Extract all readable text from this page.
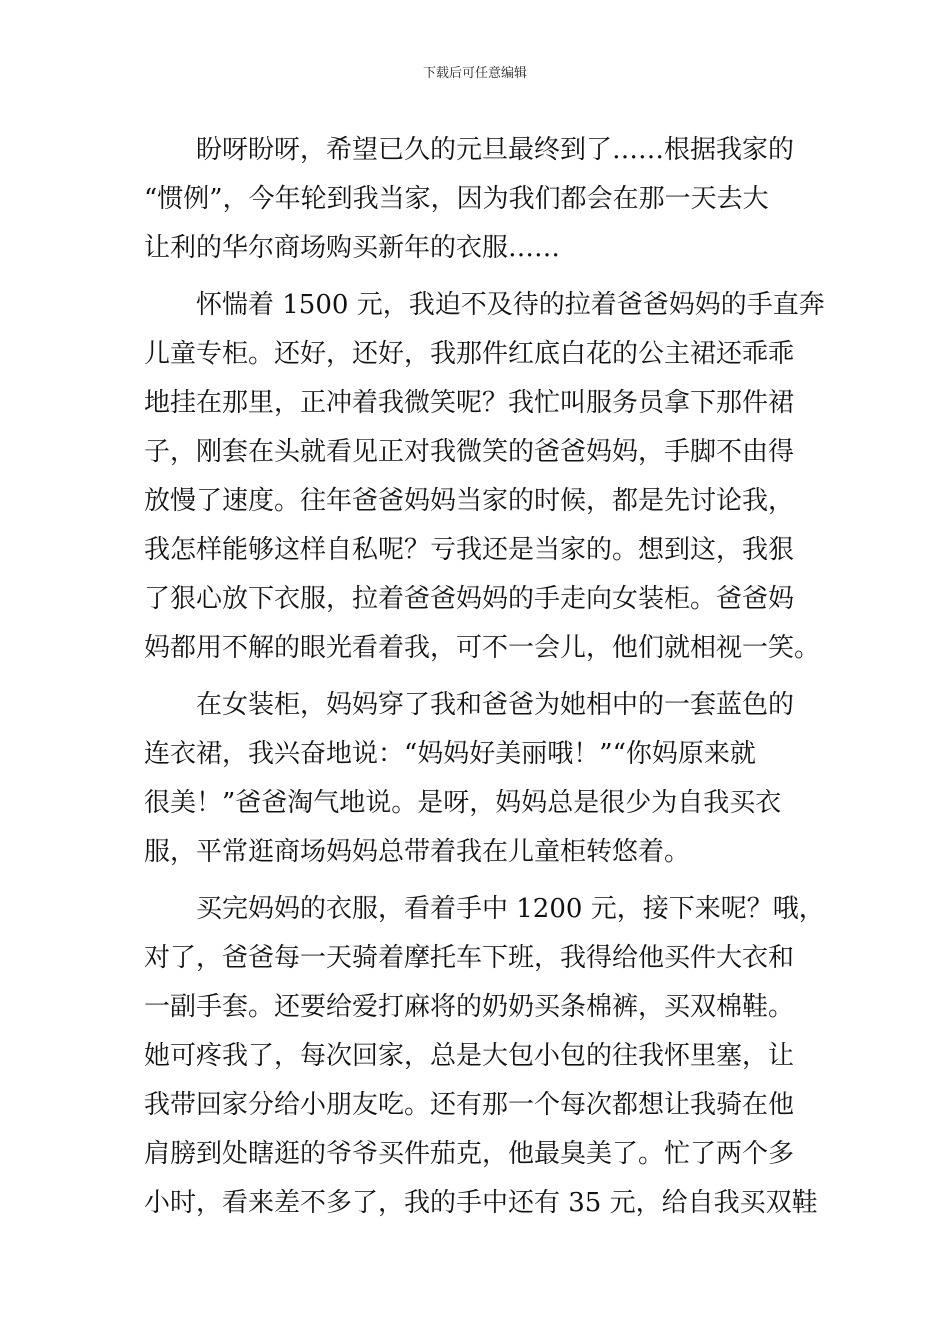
下载后可任意编辑
盼呀盼呀，希望已久的元旦最终到了……根据我家的
“惯例”，今年轮到我当家，因为我们都会在那一天去大
让利的华尔商场购买新年的衣服……
怀惴着 1500 元，我迫不及待的拉着爸爸妈妈的手直奔
儿童专柜。还好，还好，我那件红底白花的公主裙还乖乖
地挂在那里，正冲着我微笑呢？我忙叫服务员拿下那件裙
子，刚套在头就看见正对我微笑的爸爸妈妈，手脚不由得
放慢了速度。往年爸爸妈妈当家的时候，都是先讨论我，
我怎样能够这样自私呢？亏我还是当家的。想到这，我狠
了狠心放下衣服，拉着爸爸妈妈的手走向女装柜。爸爸妈
妈都用不解的眼光看着我，可不一会儿，他们就相视一笑。
在女装柜，妈妈穿了我和爸爸为她相中的一套蓝色的
连衣裙，我兴奋地说：“妈妈好美丽哦！”“你妈原来就
很美！”爸爸淘气地说。是呀，妈妈总是很少为自我买衣
服，平常逛商场妈妈总带着我在儿童柜转悠着。
买完妈妈的衣服，看着手中 1200 元，接下来呢？哦，
对了，爸爸每一天骑着摩托车下班，我得给他买件大衣和
一副手套。还要给爱打麻将的奶奶买条棉裤，买双棉鞋。
她可疼我了，每次回家，总是大包小包的往我怀里塞，让
我带回家分给小朋友吃。还有那一个每次都想让我骑在他
肩膀到处瞎逛的爷爷买件茄克，他最臭美了。忙了两个多
小时，看来差不多了，我的手中还有 35 元，给自我买双鞋
